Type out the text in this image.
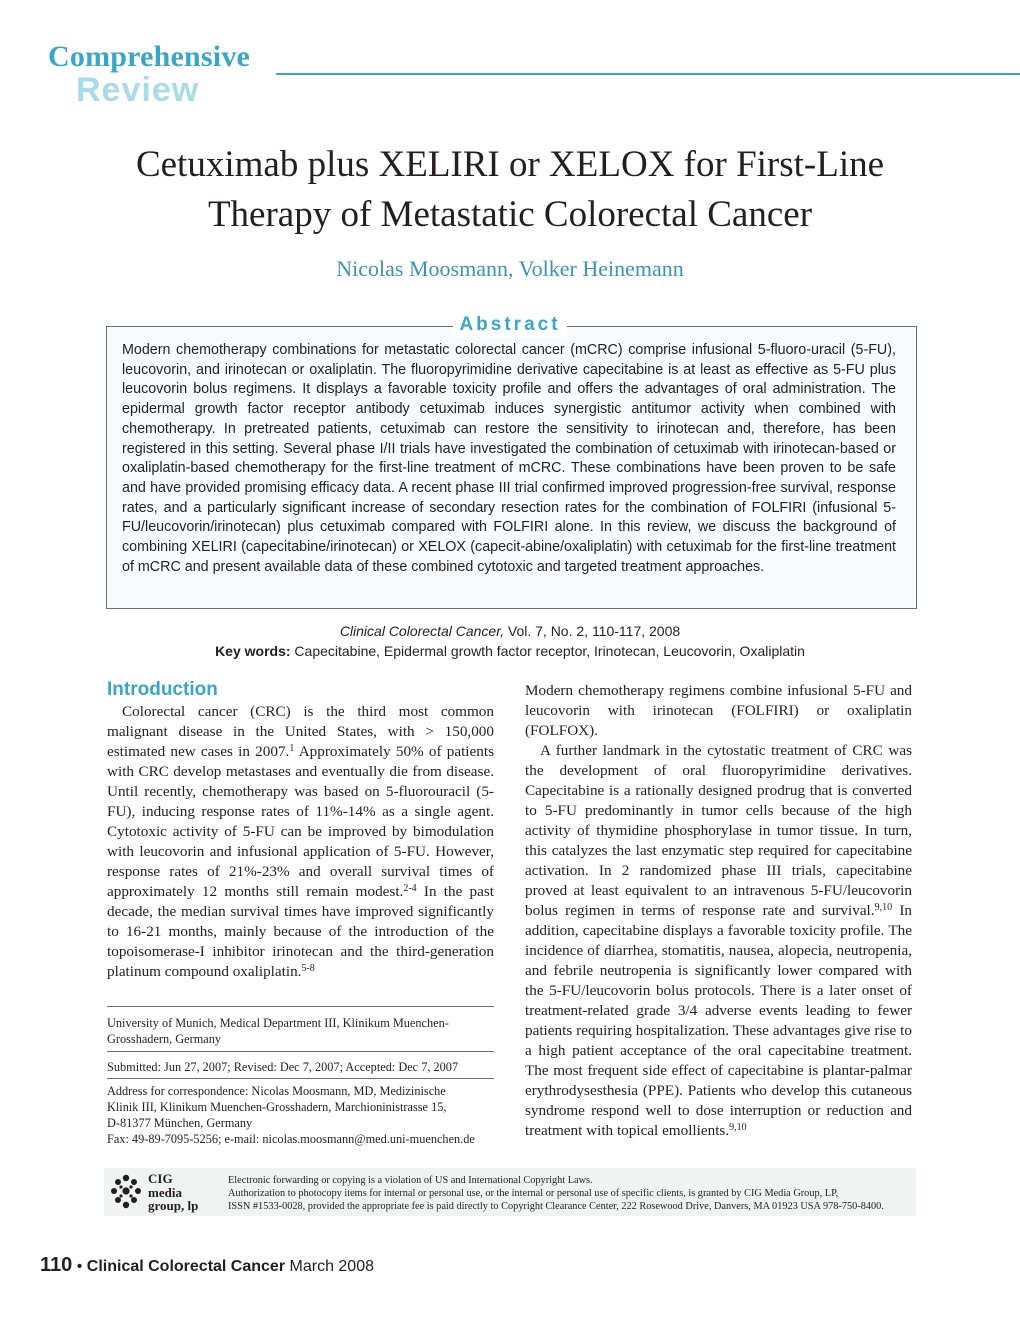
Comprehensive
Review
Cetuximab plus XELIRI or XELOX for First-Line
Therapy of Metastatic Colorectal Cancer
Nicolas Moosmann, Volker Heinemann
Abstract
Modern chemotherapy combinations for metastatic colorectal cancer (mCRC) comprise infusional 5-fluoro-uracil (5-FU), leucovorin, and irinotecan or oxaliplatin. The fluoropyrimidine derivative capecitabine is at least as effective as 5-FU plus leucovorin bolus regimens. It displays a favorable toxicity profile and offers the advantages of oral administration. The epidermal growth factor receptor antibody cetuximab induces synergistic antitumor activity when combined with chemotherapy. In pretreated patients, cetuximab can restore the sensitivity to irinotecan and, therefore, has been registered in this setting. Several phase I/II trials have investigated the combination of cetuximab with irinotecan-based or oxaliplatin-based chemotherapy for the first-line treatment of mCRC. These combinations have been proven to be safe and have provided promising efficacy data. A recent phase III trial confirmed improved progression-free survival, response rates, and a particularly significant increase of secondary resection rates for the combination of FOLFIRI (infusional 5-FU/leucovorin/irinotecan) plus cetuximab compared with FOLFIRI alone. In this review, we discuss the background of combining XELIRI (capecitabine/irinotecan) or XELOX (capecit-abine/oxaliplatin) with cetuximab for the first-line treatment of mCRC and present available data of these combined cytotoxic and targeted treatment approaches.
Clinical Colorectal Cancer, Vol. 7, No. 2, 110-117, 2008
Key words: Capecitabine, Epidermal growth factor receptor, Irinotecan, Leucovorin, Oxaliplatin
Introduction

Colorectal cancer (CRC) is the third most common malignant disease in the United States, with > 150,000 estimated new cases in 2007.$^1$ Approximately 50% of patients with CRC develop metastases and eventually die from disease. Until recently, chemotherapy was based on 5-fluorouracil (5-FU), inducing response rates of 11%-14% as a single agent. Cytotoxic activity of 5-FU can be improved by bimodulation with leucovorin and infusional application of 5-FU. However, response rates of 21%-23% and overall survival times of approximately 12 months still remain modest.$^{2-4}$ In the past decade, the median survival times have improved significantly to 16-21 months, mainly because of the introduction of the topoisomerase-I inhibitor irinotecan and the third-generation platinum compound oxaliplatin.$^{5-8}$

Modern chemotherapy regimens combine infusional 5-FU and leucovorin with irinotecan (FOLFIRI) or oxaliplatin (FOLFOX).

A further landmark in the cytostatic treatment of CRC was the development of oral fluoropyrimidine derivatives. Capecitabine is a rationally designed prodrug that is converted to 5-FU predominantly in tumor cells because of the high activity of thymidine phosphorylase in tumor tissue. In turn, this catalyzes the last enzymatic step required for capecitabine activation. In 2 randomized phase III trials, capecitabine proved at least equivalent to an intravenous 5-FU/leucovorin bolus regimen in terms of response rate and survival.$^{9,10}$ In addition, capecitabine displays a favorable toxicity profile. The incidence of diarrhea, stomatitis, nausea, alopecia, neutropenia, and febrile neutropenia is significantly lower compared with the 5-FU/leucovorin bolus protocols. There is a later onset of treatment-related grade 3/4 adverse events leading to fewer patients requiring hospitalization. These advantages give rise to a high patient acceptance of the oral capecitabine treatment. The most frequent side effect of capecitabine is plantar-palmar erythrodysesthesia (PPE). Patients who develop this cutaneous syndrome respond well to dose interruption or reduction and treatment with topical emollients.$^{9,10}$

University of Munich, Medical Department III, Klinikum Muenchen-
Grosshadern, Germany
Submitted: Jun 27, 2007; Revised: Dec 7, 2007; Accepted: Dec 7, 2007
Address for correspondence: Nicolas Moosmann, MD, Medizinische
Klinik III, Klinikum Muenchen-Grosshadern, Marchioninistrasse 15,
D-81377 München, Germany
Fax: 49-89-7095-5256; e-mail: nicolas.moosmann@med.uni-muenchen.de
CIG
media
group, lp
Electronic forwarding or copying is a violation of US and International Copyright Laws.
Authorization to photocopy items for internal or personal use, or the internal or personal use of specific clients, is granted by CIG Media Group, LP,
ISSN #1533-0028, provided the appropriate fee is paid directly to Copyright Clearance Center, 222 Rosewood Drive, Danvers, MA 01923 USA 978-750-8400.
110 • Clinical Colorectal Cancer March 2008
